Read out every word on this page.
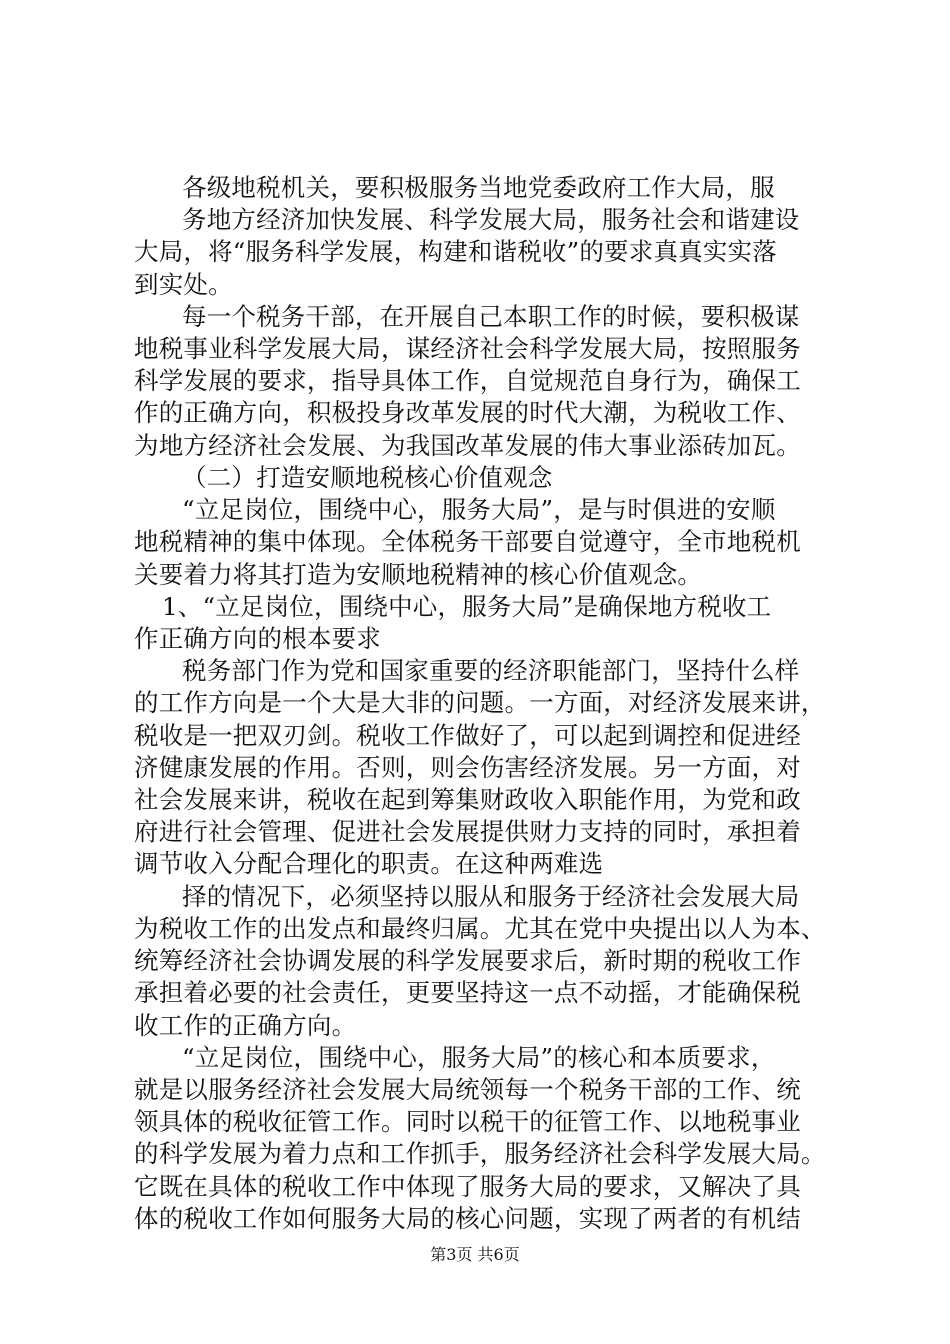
各级地税机关，要积极服务当地党委政府工作大局，服
务地方经济加快发展、科学发展大局，服务社会和谐建设
大局，将“服务科学发展，构建和谐税收”的要求真真实实落
到实处。
每一个税务干部，在开展自己本职工作的时候，要积极谋
地税事业科学发展大局，谋经济社会科学发展大局，按照服务
科学发展的要求，指导具体工作，自觉规范自身行为，确保工
作的正确方向，积极投身改革发展的时代大潮，为税收工作、
为地方经济社会发展、为我国改革发展的伟大事业添砖加瓦。
（二）打造安顺地税核心价值观念
“立足岗位，围绕中心，服务大局”，是与时俱进的安顺
地税精神的集中体现。全体税务干部要自觉遵守，全市地税机
关要着力将其打造为安顺地税精神的核心价值观念。
1、“立足岗位，围绕中心，服务大局”是确保地方税收工
作正确方向的根本要求
税务部门作为党和国家重要的经济职能部门，坚持什么样
的工作方向是一个大是大非的问题。一方面，对经济发展来讲，
税收是一把双刃剑。税收工作做好了，可以起到调控和促进经
济健康发展的作用。否则，则会伤害经济发展。另一方面，对
社会发展来讲，税收在起到筹集财政收入职能作用，为党和政
府进行社会管理、促进社会发展提供财力支持的同时，承担着
调节收入分配合理化的职责。在这种两难选
择的情况下，必须坚持以服从和服务于经济社会发展大局
为税收工作的出发点和最终归属。尤其在党中央提出以人为本、
统筹经济社会协调发展的科学发展要求后，新时期的税收工作
承担着必要的社会责任，更要坚持这一点不动摇，才能确保税
收工作的正确方向。
“立足岗位，围绕中心，服务大局”的核心和本质要求，
就是以服务经济社会发展大局统领每一个税务干部的工作、统
领具体的税收征管工作。同时以税干的征管工作、以地税事业
的科学发展为着力点和工作抓手，服务经济社会科学发展大局。
它既在具体的税收工作中体现了服务大局的要求，又解决了具
体的税收工作如何服务大局的核心问题，实现了两者的有机结
第3页 共6页
